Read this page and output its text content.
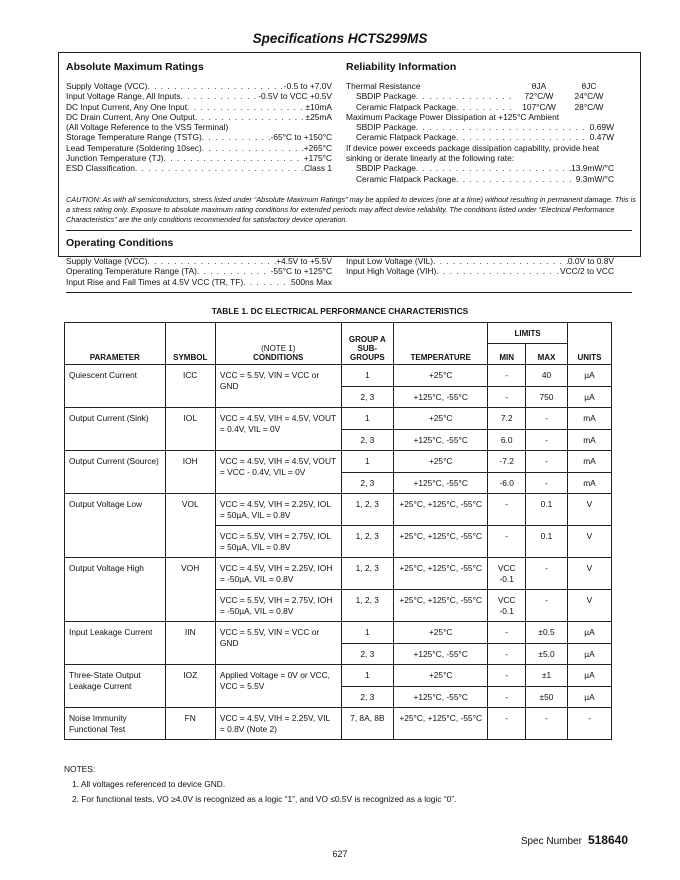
Specifications HCTS299MS
Absolute Maximum Ratings
Supply Voltage (VCC) . . .	-0.5 to +7.0V
Input Voltage Range, All Inputs . . .	-0.5V to VCC +0.5V
DC Input Current, Any One Input . . .	±10mA
DC Drain Current, Any One Output . . .	±25mA
(All Voltage Reference to the VSS Terminal)
Storage Temperature Range (TSTG) . . .	-65°C to +150°C
Lead Temperature (Soldering 10sec) . . .	+265°C
Junction Temperature (TJ) . . .	+175°C
ESD Classification . . .	Class 1
Reliability Information
Thermal Resistance	θJA	θJC
SBDIP Package . . .	72°C/W	24°C/W
Ceramic Flatpack Package . . .	107°C/W	28°C/W
Maximum Package Power Dissipation at +125°C Ambient
SBDIP Package . . .	0.69W
Ceramic Flatpack Package . . .	0.47W
If device power exceeds package dissipation capability, provide heat sinking or derate linearly at the following rate:
SBDIP Package . . .	13.9mW/°C
Ceramic Flatpack Package . . .	9.3mW/°C
CAUTION: As with all semiconductors, stress listed under “Absolute Maximum Ratings” may be applied to devices (one at a time) without resulting in permanent damage. This is a stress rating only. Exposure to absolute maximum rating conditions for extended periods may affect device reliability. The conditions listed under “Electrical Performance Characteristics” are the only conditions recommended for satisfactory device operation.
Operating Conditions
Supply Voltage (VCC) . . .	+4.5V to +5.5V
Operating Temperature Range (TA) . . .	-55°C to +125°C
Input Rise and Fall Times at 4.5V VCC (TR, TF) . . .	500ns Max
Input Low Voltage (VIL) . . .	0.0V to 0.8V
Input High Voltage (VIH) . . .	VCC/2 to VCC
TABLE 1. DC ELECTRICAL PERFORMANCE CHARACTERISTICS
PARAMETER	SYMBOL	(NOTE 1)
CONDITIONS	GROUP A SUB-GROUPS	TEMPERATURE	LIMITS		UNITS
					MIN	MAX	
Quiescent Current	ICC	VCC = 5.5V, VIN = VCC or GND	1	+25°C	-	40	µA
			2, 3	+125°C, -55°C	-	750	µA
Output Current (Sink)	IOL	VCC = 4.5V, VIH = 4.5V, VOUT = 0.4V, VIL = 0V	1	+25°C	7.2	-	mA
			2, 3	+125°C, -55°C	6.0	-	mA
Output Current (Source)	IOH	VCC = 4.5V, VIH = 4.5V, VOUT = VCC - 0.4V, VIL = 0V	1	+25°C	-7.2	-	mA
			2, 3	+125°C, -55°C	-6.0	-	mA
Output Voltage Low	VOL	VCC = 4.5V, VIH = 2.25V, IOL = 50µA, VIL = 0.8V	1, 2, 3	+25°C, +125°C, -55°C	-	0.1	V
		VCC = 5.5V, VIH = 2.75V, IOL = 50µA, VIL = 0.8V	1, 2, 3	+25°C, +125°C, -55°C	-	0.1	V
Output Voltage High	VOH	VCC = 4.5V, VIH = 2.25V, IOH = -50µA, VIL = 0.8V	1, 2, 3	+25°C, +125°C, -55°C	VCC -0.1	-	V
		VCC = 5.5V, VIH = 2.75V, IOH = -50µA, VIL = 0.8V	1, 2, 3	+25°C, +125°C, -55°C	VCC -0.1	-	V
Input Leakage Current	IIN	VCC = 5.5V, VIN = VCC or GND	1	+25°C	-	±0.5	µA
			2, 3	+125°C, -55°C	-	±5.0	µA
Three-State Output Leakage Current	IOZ	Applied Voltage = 0V or VCC, VCC = 5.5V	1	+25°C	-	±1	µA
			2, 3	+125°C, -55°C	-	±50	µA
Noise Immunity Functional Test	FN	VCC = 4.5V, VIH = 2.25V, VIL = 0.8V (Note 2)	7, 8A, 8B	+25°C, +125°C, -55°C	-	-	-
NOTES:
1. All voltages referenced to device GND.
2. For functional tests, VO ≥4.0V is recognized as a logic “1”, and VO ≤0.5V is recognized as a logic “0”.
Spec Number 518640
627
